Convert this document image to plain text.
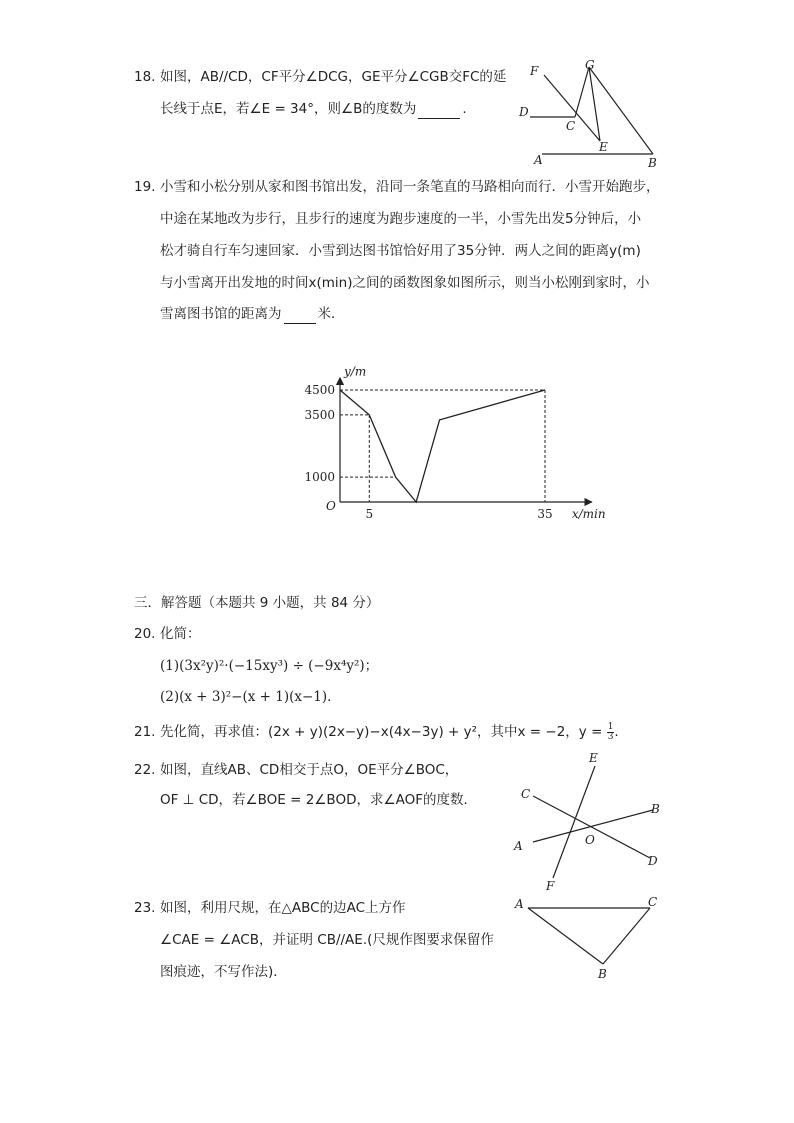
18. 如图，AB//CD，CF平分∠DCG，GE平分∠CGB交FC的延
长线于点E，若∠E = 34°，则∠B的度数为	.
F	G
D
C
E
A	B
19. 小雪和小松分别从家和图书馆出发，沿同一条笔直的马路相向而行．小雪开始跑步，
中途在某地改为步行，且步行的速度为跑步速度的一半，小雪先出发5分钟后，小
松才骑自行车匀速回家．小雪到达图书馆恰好用了35分钟．两人之间的距离y(m)
与小雪离开出发地的时间x(min)之间的函数图象如图所示，则当小松刚到家时，小
雪离图书馆的距离为	米．
4500
3500
1000
5	35
y/m
x/min
O
三．解答题（本题共 9 小题，共 84 分）
20. 化简：
(1)(3x²y)²·(−15xy³) ÷ (−9x⁴y²)；
(2)(x + 3)²−(x + 1)(x−1)．
21. 先化简，再求值：(2x + y)(2x−y)−x(4x−3y) + y²，其中x = −2，$y = \frac{1}{3}$ .
22. 如图，直线AB、CD相交于点O，OE平分∠BOC，
OF ⊥ CD，若∠BOE = 2∠BOD，求∠AOF的度数．
E
C
B
A	O
D
F
23. 如图，利用尺规，在△ABC的边AC上方作
∠CAE = ∠ACB，并证明 CB//AE.(尺规作图要求保留作
图痕迹，不写作法)．
A	C
B
